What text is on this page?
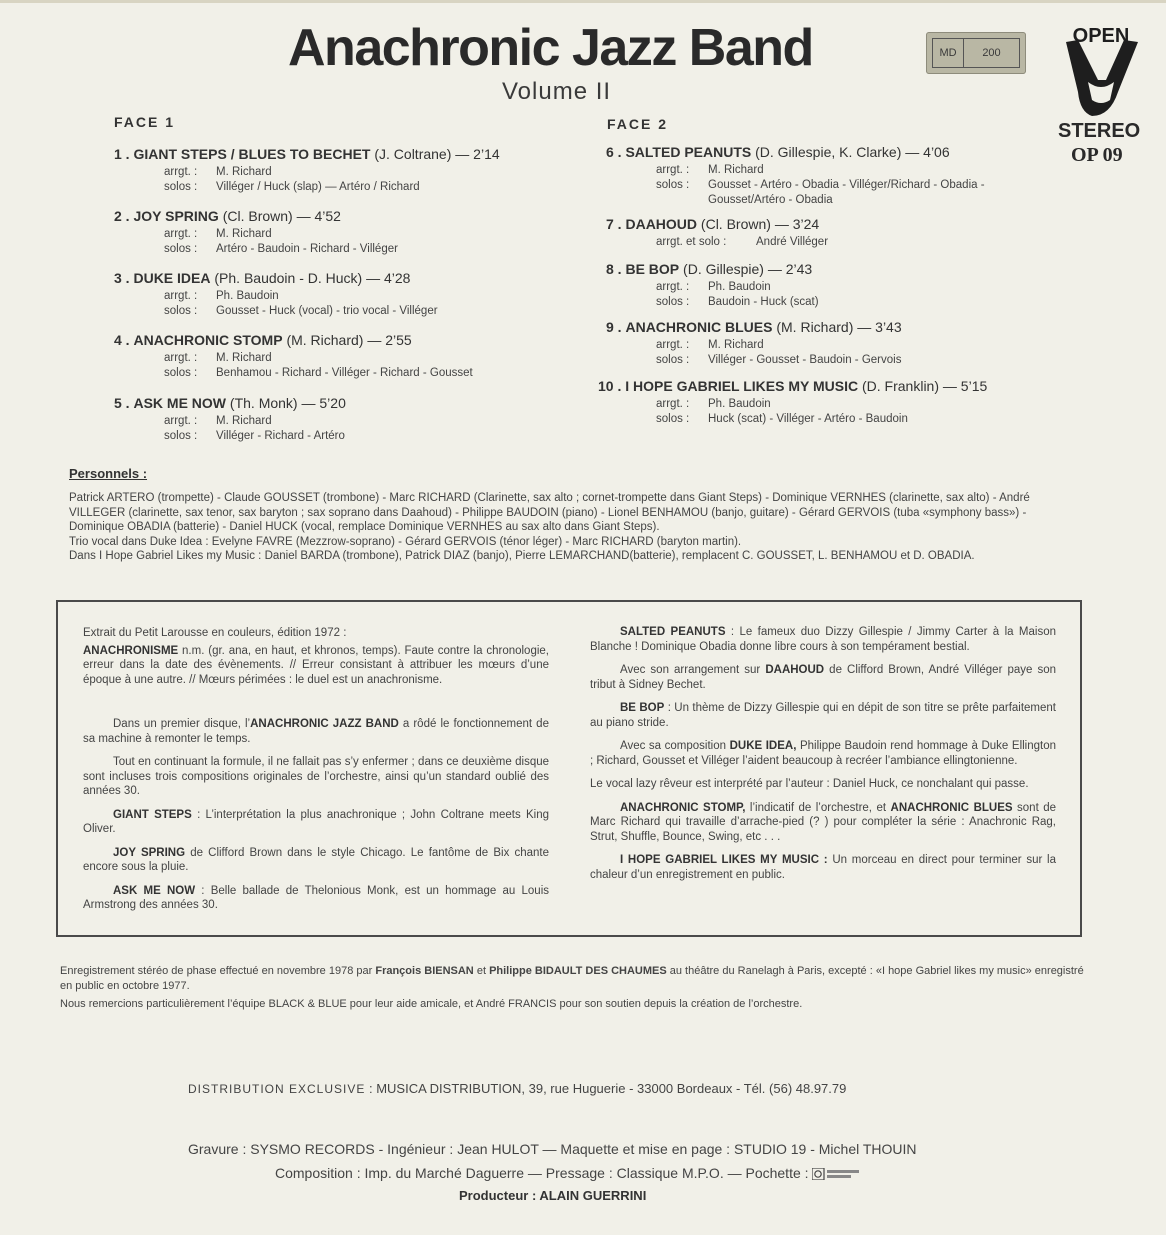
Anachronic Jazz Band
Volume II
MD	200
OPEN
STEREO
OP 09
FACE 1
1 . GIANT STEPS / BLUES TO BECHET (J. Coltrane) — 2’14
arrgt. :	M. Richard
solos :	Villéger / Huck (slap) — Artéro / Richard
2 . JOY SPRING (Cl. Brown) — 4’52
arrgt. :	M. Richard
solos :	Artéro - Baudoin - Richard - Villéger
3 . DUKE IDEA (Ph. Baudoin - D. Huck) — 4’28
arrgt. :	Ph. Baudoin
solos :	Gousset - Huck (vocal) - trio vocal - Villéger
4 . ANACHRONIC STOMP (M. Richard) — 2’55
arrgt. :	M. Richard
solos :	Benhamou - Richard - Villéger - Richard - Gousset
5 . ASK ME NOW (Th. Monk) — 5’20
arrgt. :	M. Richard
solos :	Villéger - Richard - Artéro
FACE 2
6 . SALTED PEANUTS (D. Gillespie, K. Clarke) — 4’06
arrgt. :	M. Richard
solos :	Gousset - Artéro - Obadia - Villéger/Richard - Obadia - Gousset/Artéro - Obadia
7 . DAAHOUD (Cl. Brown) — 3’24
arrgt. et solo :	André Villéger
8 . BE BOP (D. Gillespie) — 2’43
arrgt. :	Ph. Baudoin
solos :	Baudoin - Huck (scat)
9 . ANACHRONIC BLUES (M. Richard) — 3’43
arrgt. :	M. Richard
solos :	Villéger - Gousset - Baudoin - Gervois
10 . I HOPE GABRIEL LIKES MY MUSIC (D. Franklin) — 5’15
arrgt. :	Ph. Baudoin
solos :	Huck (scat) - Villéger - Artéro - Baudoin
Personnels :

Patrick ARTERO (trompette) - Claude GOUSSET (trombone) - Marc RICHARD (Clarinette, sax alto ; cornet-trompette dans Giant Steps) - Dominique VERNHES (clarinette, sax alto) - André VILLEGER (clarinette, sax tenor, sax baryton ; sax soprano dans Daahoud) - Philippe BAUDOIN (piano) - Lionel BENHAMOU (banjo, guitare) - Gérard GERVOIS (tuba «symphony bass») - Dominique OBADIA (batterie) - Daniel HUCK (vocal, remplace Dominique VERNHES au sax alto dans Giant Steps).

Trio vocal dans Duke Idea : Evelyne FAVRE (Mezzrow-soprano) - Gérard GERVOIS (ténor léger) - Marc RICHARD (baryton martin).

Dans I Hope Gabriel Likes my Music : Daniel BARDA (trombone), Patrick DIAZ (banjo), Pierre LEMARCHAND(batterie), remplacent C. GOUSSET, L. BENHAMOU et D. OBADIA.

Extrait du Petit Larousse en couleurs, édition 1972 :

ANACHRONISME n.m. (gr. ana, en haut, et khronos, temps). Faute contre la chronologie, erreur dans la date des évènements. // Erreur consistant à attribuer les mœurs d’une époque à une autre. // Mœurs périmées : le duel est un anachronisme.

Dans un premier disque, l’ANACHRONIC JAZZ BAND a rôdé le fonctionnement de sa machine à remonter le temps.

Tout en continuant la formule, il ne fallait pas s’y enfermer ; dans ce deuxième disque sont incluses trois compositions originales de l’orchestre, ainsi qu’un standard oublié des années 30.

GIANT STEPS : L’interprétation la plus anachronique ; John Coltrane meets King Oliver.

JOY SPRING de Clifford Brown dans le style Chicago. Le fantôme de Bix chante encore sous la pluie.

ASK ME NOW : Belle ballade de Thelonious Monk, est un hommage au Louis Armstrong des années 30.

SALTED PEANUTS : Le fameux duo Dizzy Gillespie / Jimmy Carter à la Maison Blanche ! Dominique Obadia donne libre cours à son tempérament bestial.

Avec son arrangement sur DAAHOUD de Clifford Brown, André Villéger paye son tribut à Sidney Bechet.

BE BOP : Un thème de Dizzy Gillespie qui en dépit de son titre se prête parfaitement au piano stride.

Avec sa composition DUKE IDEA, Philippe Baudoin rend hommage à Duke Ellington ; Richard, Gousset et Villéger l’aident beaucoup à recréer l’ambiance ellingtonienne.

Le vocal lazy rêveur est interprété par l’auteur : Daniel Huck, ce nonchalant qui passe.

ANACHRONIC STOMP, l’indicatif de l’orchestre, et ANACHRONIC BLUES sont de Marc Richard qui travaille d’arrache-pied (? ) pour compléter la série : Anachronic Rag, Strut, Shuffle, Bounce, Swing, etc . . .

I HOPE GABRIEL LIKES MY MUSIC : Un morceau en direct pour terminer sur la chaleur d’un enregistrement en public.

Enregistrement stéréo de phase effectué en novembre 1978 par François BIENSAN et Philippe BIDAULT DES CHAUMES au théâtre du Ranelagh à Paris, excepté : «I hope Gabriel likes my music» enregistré en public en octobre 1977.

Nous remercions particulièrement l’équipe BLACK & BLUE pour leur aide amicale, et André FRANCIS pour son soutien depuis la création de l’orchestre.

DISTRIBUTION EXCLUSIVE : MUSICA DISTRIBUTION, 39, rue Huguerie - 33000 Bordeaux - Tél. (56) 48.97.79
Gravure : SYSMO RECORDS - Ingénieur : Jean HULOT — Maquette et mise en page : STUDIO 19 - Michel THOUIN
Composition : Imp. du Marché Daguerre — Pressage : Classique M.P.O. — Pochette :
Producteur : ALAIN GUERRINI
